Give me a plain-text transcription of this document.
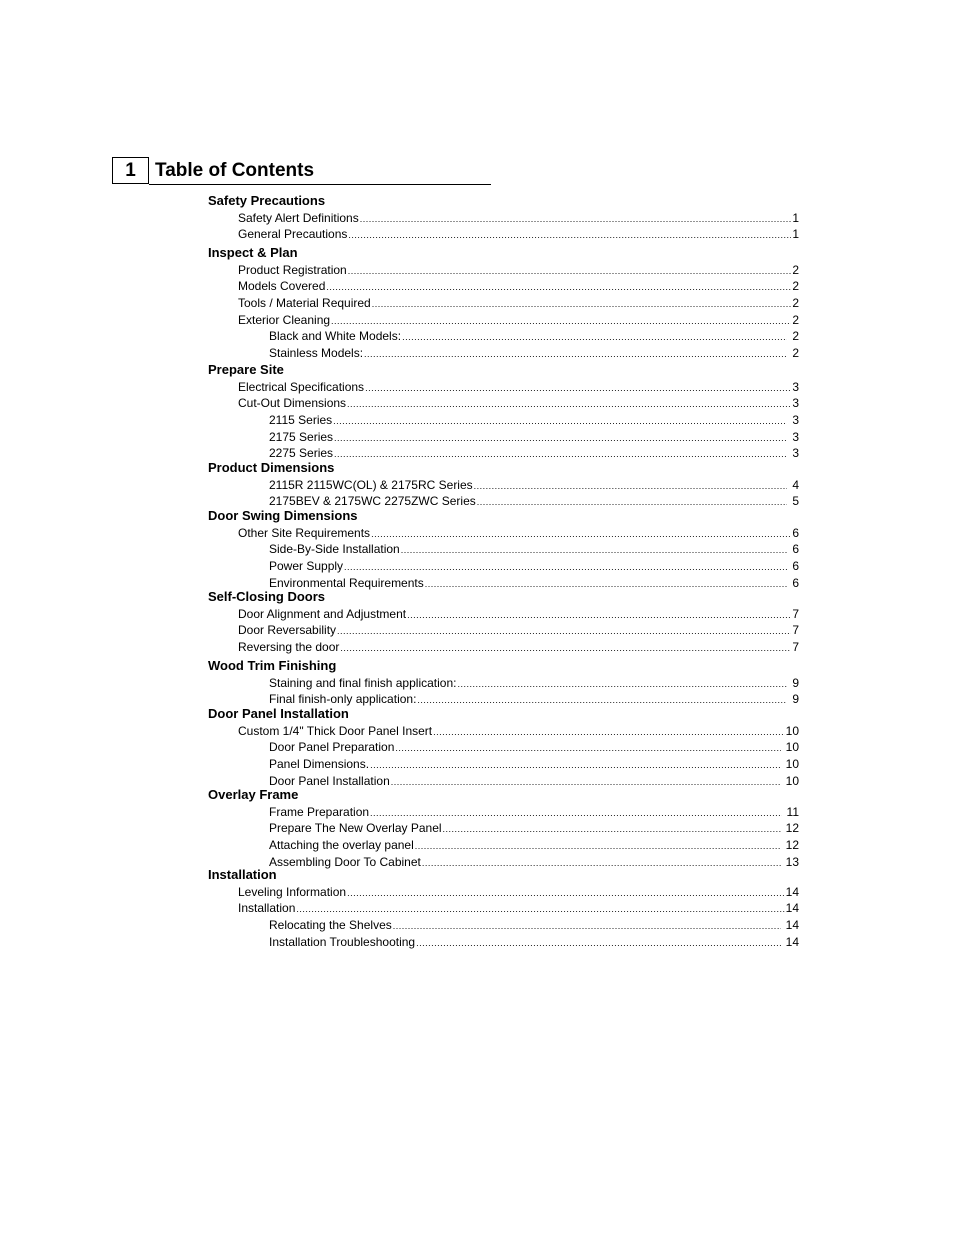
1	Table of Contents
Safety Precautions
Safety Alert Definitions .....	1
General Precautions .....	1
Inspect & Plan
Product Registration .....	2
Models Covered .....	2
Tools / Material Required .....	2
Exterior Cleaning .....	2
Black and White Models: .....	2
Stainless Models: .....	2
Prepare Site
Electrical Specifications .....	3
Cut-Out Dimensions .....	3
2115 Series .....	3
2175 Series .....	3
2275 Series .....	3
Product Dimensions
2115R 2115WC(OL) & 2175RC Series .....	4
2175BEV & 2175WC 2275ZWC Series .....	5
Door Swing Dimensions
Other Site Requirements .....	6
Side-By-Side Installation .....	6
Power Supply .....	6
Environmental Requirements .....	6
Self-Closing Doors
Door Alignment and Adjustment .....	7
Door Reversability .....	7
Reversing the door .....	7
Wood Trim Finishing
Staining and final finish application: .....	9
Final finish-only application: .....	9
Door Panel Installation
Custom 1/4" Thick Door Panel Insert .....	10
Door Panel Preparation .....	10
Panel Dimensions. .....	10
Door Panel Installation .....	10
Overlay Frame
Frame Preparation .....	11
Prepare The New Overlay Panel .....	12
Attaching the overlay panel .....	12
Assembling Door To Cabinet .....	13
Installation
Leveling Information .....	14
Installation .....	14
Relocating the Shelves .....	14
Installation Troubleshooting .....	14
